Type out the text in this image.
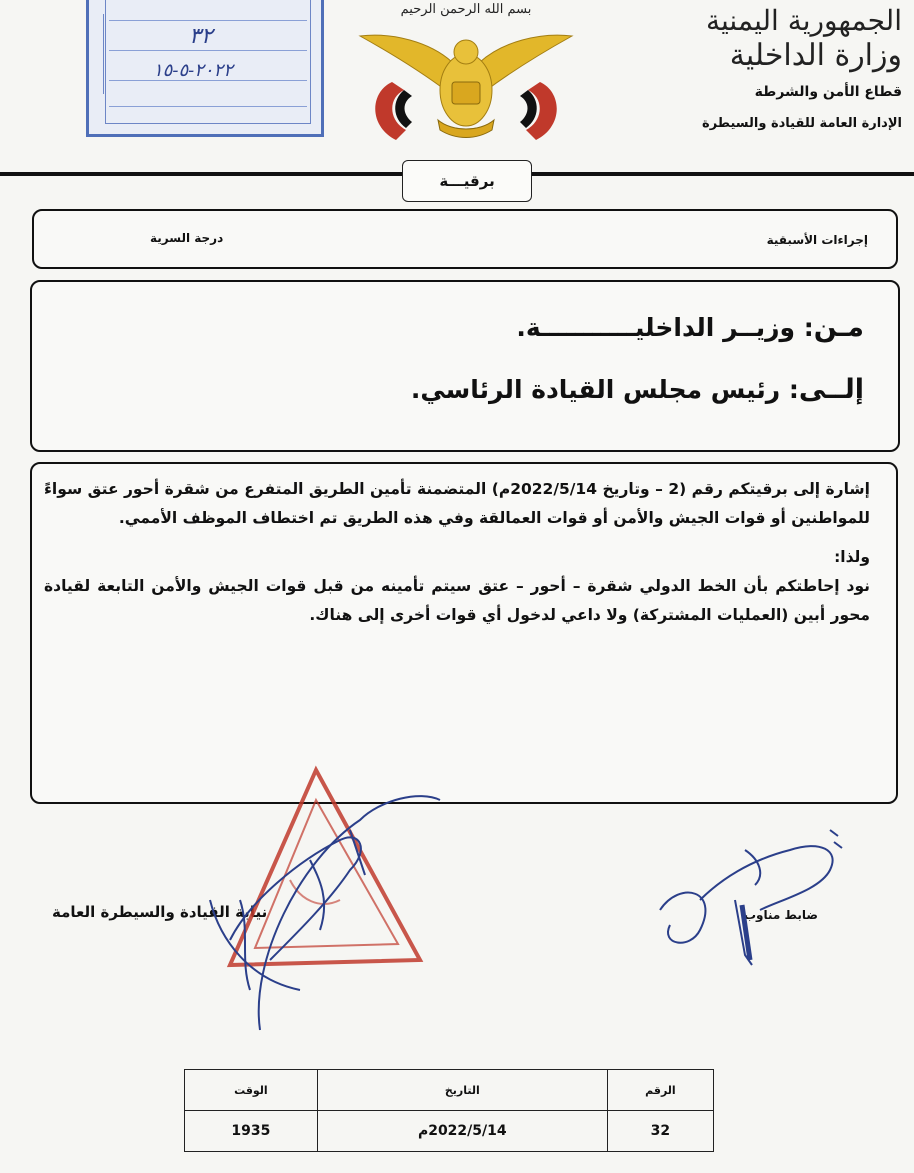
الجمهورية اليمنية
وزارة الداخلية
قطاع الأمن والشرطة
الإدارة العامة للقيادة والسيطرة
بسم الله الرحمن الرحيم
٣٢
٢٠٢٢-٥-١٥
برقيـــة
إجراءات الأسبقية
درجة السرية
مـن: وزيــر الداخليـــــــــــة.
إلــى: رئيس مجلس القيادة الرئاسي.

إشارة إلى برقيتكم رقم (2 – وتاريخ 2022/5/14م) المتضمنة تأمين الطريق المتفرع من شقرة أحور عتق سواءً للمواطنين أو قوات الجيش والأمن أو قوات العمالقة وفي هذه الطريق تم اختطاف الموظف الأممي.

ولذا:

نود إحاطتكم بأن الخط الدولي شقرة – أحور – عتق سيتم تأمينه من قبل قوات الجيش والأمن التابعة لقيادة محور أبين (العمليات المشتركة) ولا داعي لدخول أي قوات أخرى إلى هناك.

نيابة القيادة والسيطرة العامة	ضابط مناوب
الرقم	التاريخ	الوقت
32	2022/5/14م	1935
